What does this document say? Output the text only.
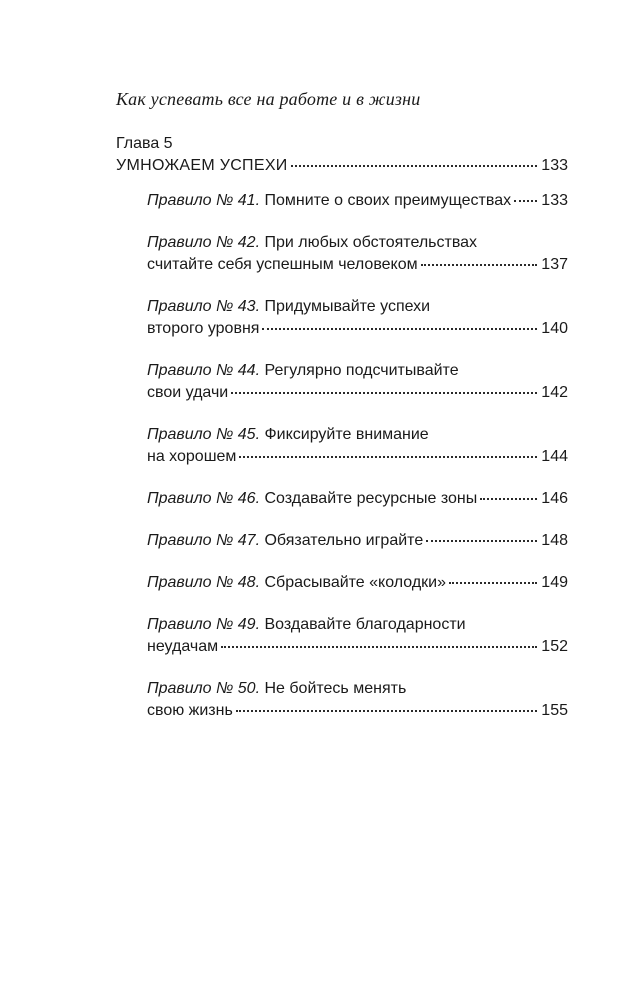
Как успевать все на работе и в жизни
Глава 5
УМНОЖАЕМ УСПЕХИ	133
Правило № 41. Помните о своих преимуществах 133
Правило № 42. При любых обстоятельствах
считайте себя успешным человеком	137
Правило № 43. Придумывайте успехи
второго уровня	140
Правило № 44. Регулярно подсчитывайте
свои удачи	142
Правило № 45. Фиксируйте внимание
на хорошем	144
Правило № 46. Создавайте ресурсные зоны	146
Правило № 47. Обязательно играйте	148
Правило № 48. Сбрасывайте «колодки»	149
Правило № 49. Воздавайте благодарности
неудачам	152
Правило № 50. Не бойтесь менять
свою жизнь	155
